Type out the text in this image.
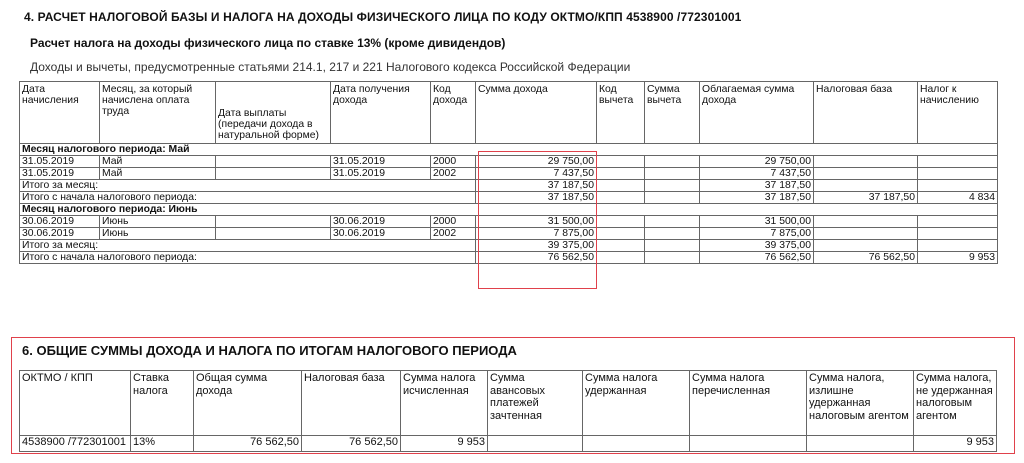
4. РАСЧЕТ НАЛОГОВОЙ БАЗЫ И НАЛОГА НА ДОХОДЫ ФИЗИЧЕСКОГО ЛИЦА ПО КОДУ ОКТМО/КПП 4538900 /772301001
Расчет налога на доходы физического лица по ставке 13% (кроме дивидендов)
Доходы и вычеты, предусмотренные статьями 214.1, 217 и 221 Налогового кодекса Российской Федерации
Дата начисления	Месяц, за который начислена оплата труда	Дата выплаты (передачи дохода в натуральной форме)	Дата получения дохода	Код дохода	Сумма дохода	Код вычета	Сумма вычета	Облагаемая сумма дохода	Налоговая база	Налог к начислению
Месяц налогового периода: Май										
31.05.2019	Май		31.05.2019	2000	29 750,00			29 750,00		
31.05.2019	Май		31.05.2019	2002	7 437,50			7 437,50		
Итого за месяц:					37 187,50			37 187,50		
Итого с начала налогового периода:					37 187,50			37 187,50	37 187,50	4 834
Месяц налогового периода: Июнь										
30.06.2019	Июнь		30.06.2019	2000	31 500,00			31 500,00		
30.06.2019	Июнь		30.06.2019	2002	7 875,00			7 875,00		
Итого за месяц:					39 375,00			39 375,00		
Итого с начала налогового периода:					76 562,50			76 562,50	76 562,50	9 953
6. ОБЩИЕ СУММЫ ДОХОДА И НАЛОГА ПО ИТОГАМ НАЛОГОВОГО ПЕРИОДА
ОКТМО / КПП	Ставка налога	Общая сумма дохода	Налоговая база	Сумма налога исчисленная	Сумма авансовых платежей зачтенная	Сумма налога удержанная	Сумма налога перечисленная	Сумма налога, излишне удержанная налоговым агентом	Сумма налога, не удержанная налоговым агентом
4538900 /772301001	13%	76 562,50	76 562,50	9 953					9 953
